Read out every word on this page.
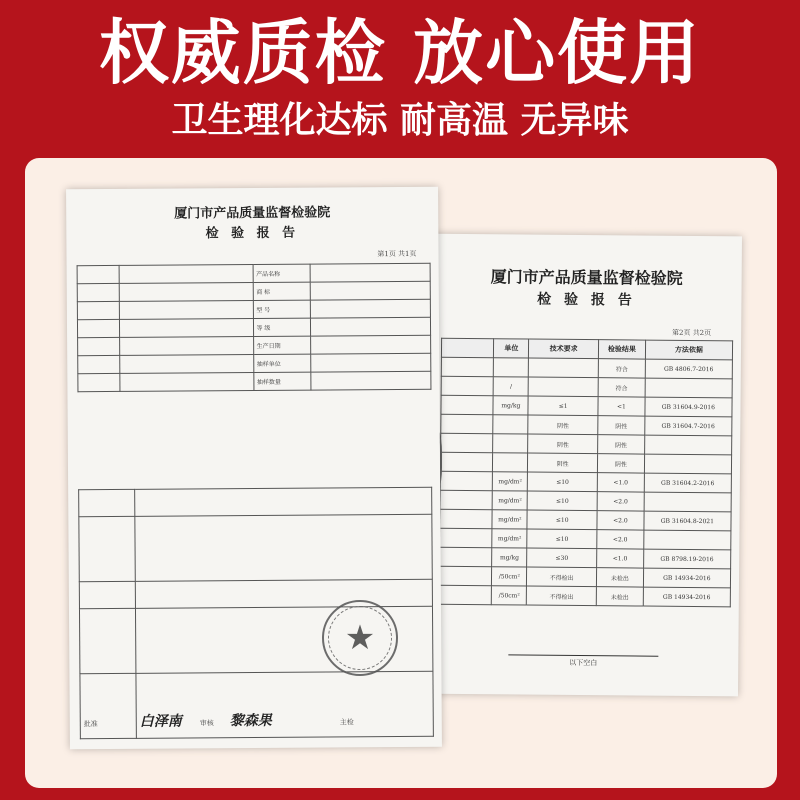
权威质检 放心使用
卫生理化达标 耐高温 无异味
厦门市产品质量监督检验院
检 验 报 告
第2页 共2页
	单位	技术要求	检验结果	方法依据
			符合	GB 4806.7-2016
	/		符合	
	mg/kg	≤1	<1	GB 31604.9-2016
		阴性	阴性	GB 31604.7-2016
		阴性	阴性	
		阴性	阴性	
	mg/dm²	≤10	<1.0	GB 31604.2-2016
	mg/dm²	≤10	<2.0	
	mg/dm²	≤10	<2.0	GB 31604.8-2021
	mg/dm²	≤10	<2.0	
	mg/kg	≤30	<1.0	GB 8798.19-2016
	/50cm²	不得检出	未检出	GB 14934-2016
	/50cm²	不得检出	未检出	GB 14934-2016
以下空白
厦门市产品质量监督检验院
检 验 报 告
第1页 共1页
		产品名称	
		商 标	
		型 号	
		等 级	
		生产日期	
		抽样单位	
		抽样数量	

批准	白泽南	审核 黎森果	主检
★
